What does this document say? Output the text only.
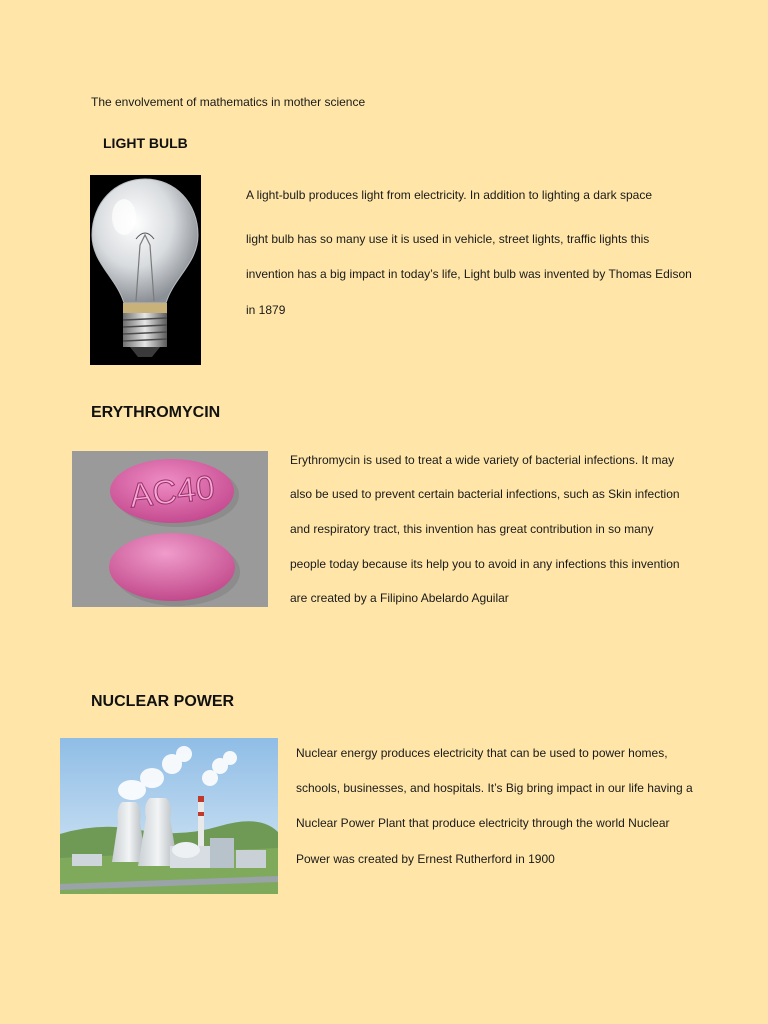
The envolvement of mathematics in mother science
LIGHT BULB
A light-bulb produces light from electricity. In addition to lighting a dark space
light bulb has so many use it is used in vehicle, street lights, traffic lights this
invention has a big impact in today’s life, Light bulb was invented by Thomas Edison
in 1879
ERYTHROMYCIN
AC40
Erythromycin is used to treat a wide variety of bacterial infections. It may
also be used to prevent certain bacterial infections, such as Skin infection
and respiratory tract, this invention has great contribution in so many
people today because its help you to avoid in any infections this invention
are created by a Filipino Abelardo Aguilar
NUCLEAR POWER
Nuclear energy produces electricity that can be used to power homes,
schools, businesses, and hospitals. It’s Big bring impact in our life having a
Nuclear Power Plant that produce electricity through the world Nuclear
Power was created by Ernest Rutherford in 1900
